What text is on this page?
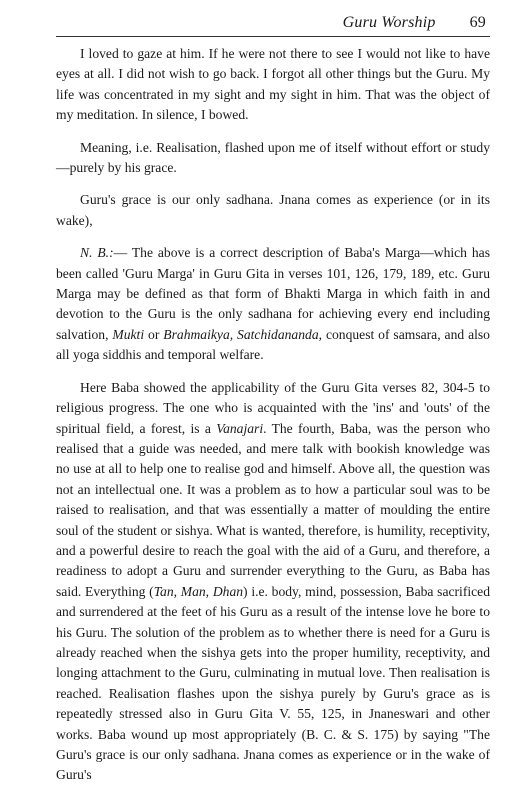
Guru Worship 69

I loved to gaze at him. If he were not there to see I would not like to have eyes at all. I did not wish to go back. I forgot all other things but the Guru. My life was concentrated in my sight and my sight in him. That was the object of my meditation. In silence, I bowed.

Meaning, i.e. Realisation, flashed upon me of itself without effort or study—purely by his grace.

Guru's grace is our only sadhana. Jnana comes as experience (or in its wake),

N. B.:— The above is a correct description of Baba's Marga—which has been called 'Guru Marga' in Guru Gita in verses 101, 126, 179, 189, etc. Guru Marga may be defined as that form of Bhakti Marga in which faith in and devotion to the Guru is the only sadhana for achieving every end including salvation, Mukti or Brahmaikya, Satchidananda, conquest of samsara, and also all yoga siddhis and temporal welfare.

Here Baba showed the applicability of the Guru Gita verses 82, 304-5 to religious progress. The one who is acquainted with the 'ins' and 'outs' of the spiritual field, a forest, is a Vanajari. The fourth, Baba, was the person who realised that a guide was needed, and mere talk with bookish knowledge was no use at all to help one to realise god and himself. Above all, the question was not an intellectual one. It was a problem as to how a particular soul was to be raised to realisation, and that was essentially a matter of moulding the entire soul of the student or sishya. What is wanted, therefore, is humility, receptivity, and a powerful desire to reach the goal with the aid of a Guru, and therefore, a readiness to adopt a Guru and surrender everything to the Guru, as Baba has said. Everything (Tan, Man, Dhan) i.e. body, mind, possession, Baba sacrificed and surrendered at the feet of his Guru as a result of the intense love he bore to his Guru. The solution of the problem as to whether there is need for a Guru is already reached when the sishya gets into the proper humility, receptivity, and longing attachment to the Guru, culminating in mutual love. Then realisation is reached. Realisation flashes upon the sishya purely by Guru's grace as is repeatedly stressed also in Guru Gita V. 55, 125, in Jnaneswari and other works. Baba wound up most appropriately (B. C. & S. 175) by saying "The Guru's grace is our only sadhana. Jnana comes as experience or in the wake of Guru's
